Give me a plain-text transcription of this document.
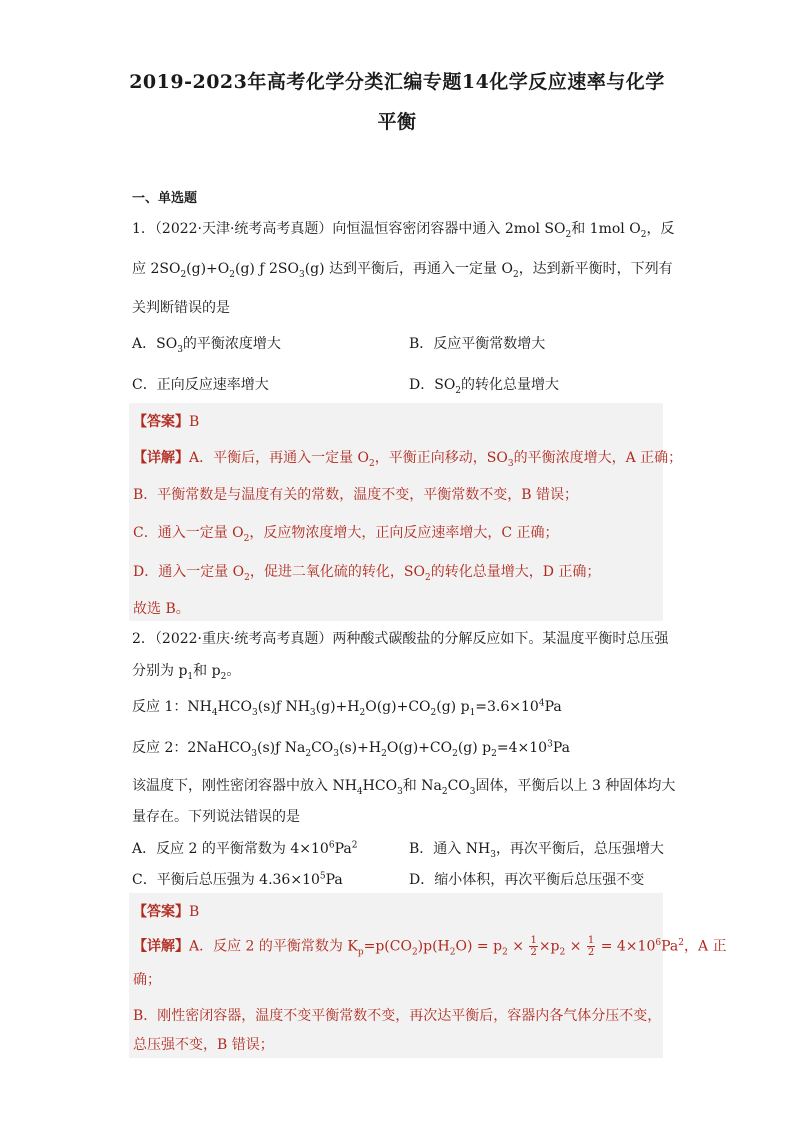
2019-2023年高考化学分类汇编专题14化学反应速率与化学
平衡
一、单选题
1．（2022·天津·统考高考真题）向恒温恒容密闭容器中通入 2mol $SO_2$和 1mol $O_2$，反
应 $2SO_2(g)+O_2(g)$ ƒ $2SO_3(g)$ 达到平衡后，再通入一定量 $O_2$，达到新平衡时，下列有
关判断错误的是
A．$SO_3$的平衡浓度增大	B．反应平衡常数增大
C．正向反应速率增大	D．$SO_2$的转化总量增大
【答案】B
【详解】A．平衡后，再通入一定量 $O_2$，平衡正向移动，$SO_3$的平衡浓度增大，A 正确；
B．平衡常数是与温度有关的常数，温度不变，平衡常数不变，B 错误；
C．通入一定量 $O_2$，反应物浓度增大，正向反应速率增大，C 正确；
D．通入一定量 $O_2$，促进二氧化硫的转化，$SO_2$的转化总量增大，D 正确；
故选 B。
2．（2022·重庆·统考高考真题）两种酸式碳酸盐的分解反应如下。某温度平衡时总压强
分别为 $p_1$和 $p_2$。
反应 1：$NH_4HCO_3(s)ƒ$ $NH_3(g)+H_2O(g)+CO_2(g)$ $p_1=3.6\times 10^4Pa$
反应 2：2NaHCO$_3$(s)ƒ $Na_2CO_3(s)+H_2O(g)+CO_2(g)$ $p_2=4\times 10^3Pa$
该温度下，刚性密闭容器中放入 $NH_4HCO_3$和 $Na_2CO_3$固体，平衡后以上 3 种固体均大
量存在。下列说法错误的是
A．反应 2 的平衡常数为 $4\times 10^6Pa^2$	B．通入 $NH_3$，再次平衡后，总压强增大
C．平衡后总压强为 $4.36\times 10^5Pa$	D．缩小体积，再次平衡后总压强不变
【答案】B
【详解】A．反应 2 的平衡常数为 $K_p=p(CO_2)p(H_2O) = p_2 \times \frac{1}{2} \times p_2 \times \frac{1}{2} = 4\times 10^6Pa^2$，A 正
确；
B．刚性密闭容器，温度不变平衡常数不变，再次达平衡后，容器内各气体分压不变，
总压强不变，B 错误；
